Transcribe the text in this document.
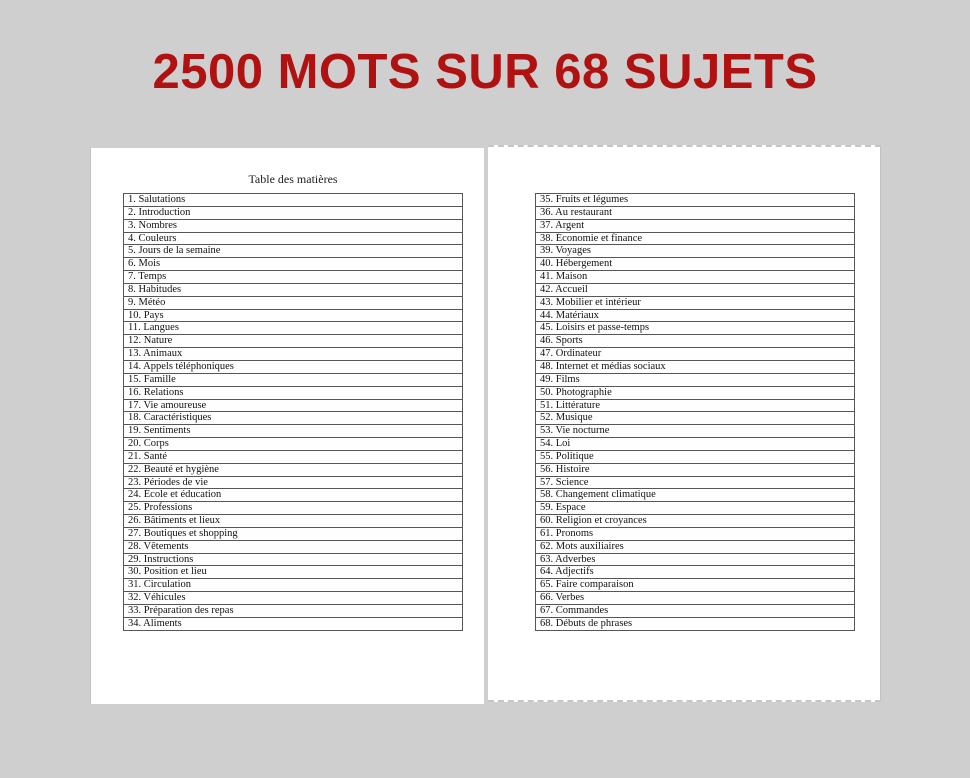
2500 MOTS SUR 68 SUJETS
Table des matières
1. Salutations
2. Introduction
3. Nombres
4. Couleurs
5. Jours de la semaine
6. Mois
7. Temps
8. Habitudes
9. Météo
10. Pays
11. Langues
12. Nature
13. Animaux
14. Appels téléphoniques
15. Famille
16. Relations
17. Vie amoureuse
18. Caractéristiques
19. Sentiments
20. Corps
21. Santé
22. Beauté et hygiène
23. Périodes de vie
24. École et éducation
25. Professions
26. Bâtiments et lieux
27. Boutiques et shopping
28. Vêtements
29. Instructions
30. Position et lieu
31. Circulation
32. Véhicules
33. Préparation des repas
34. Aliments
35. Fruits et légumes
36. Au restaurant
37. Argent
38. Économie et finance
39. Voyages
40. Hébergement
41. Maison
42. Accueil
43. Mobilier et intérieur
44. Matériaux
45. Loisirs et passe-temps
46. Sports
47. Ordinateur
48. Internet et médias sociaux
49. Films
50. Photographie
51. Littérature
52. Musique
53. Vie nocturne
54. Loi
55. Politique
56. Histoire
57. Science
58. Changement climatique
59. Espace
60. Religion et croyances
61. Pronoms
62. Mots auxiliaires
63. Adverbes
64. Adjectifs
65. Faire comparaison
66. Verbes
67. Commandes
68. Débuts de phrases
